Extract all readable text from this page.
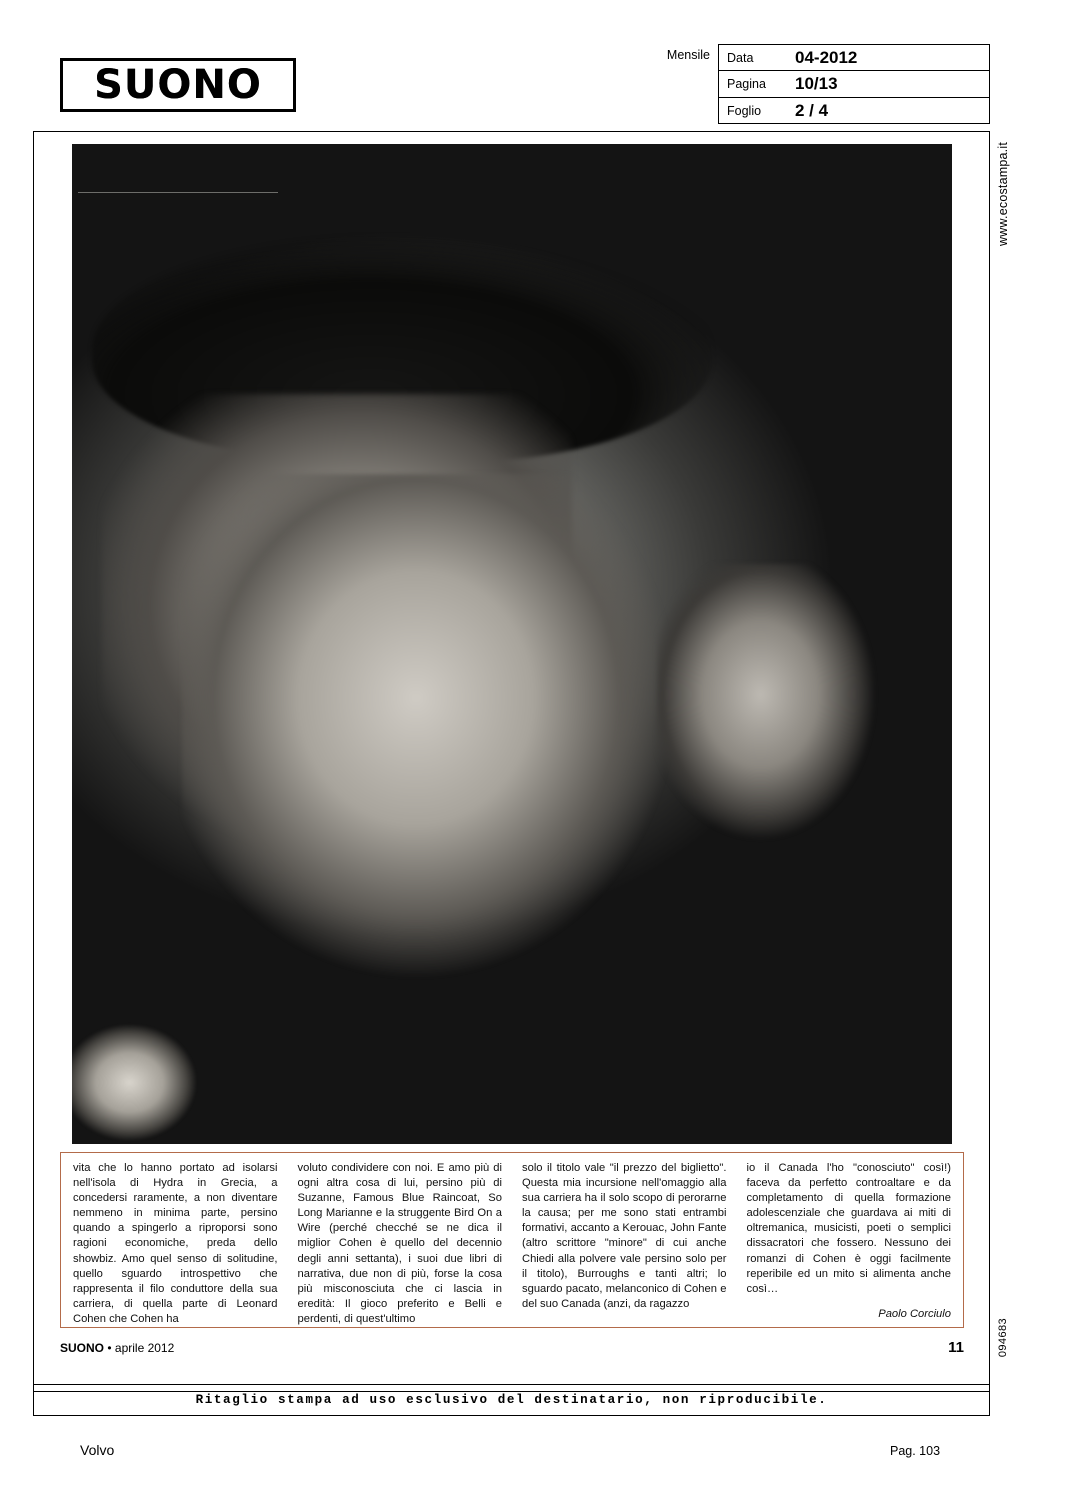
SUONO
Mensile	Data	04-2012
Pagina	10/13
Foglio	2 / 4

vita che lo hanno portato ad isolarsi nell'isola di Hydra in Grecia, a concedersi raramente, a non diventare nemmeno in minima parte, persino quando a spingerlo a riproporsi sono ragioni economiche, preda dello showbiz. Amo quel senso di solitudine, quello sguardo introspettivo che rappresenta il filo conduttore della sua carriera, di quella parte di Leonard Cohen che Cohen ha

voluto condividere con noi. E amo più di ogni altra cosa di lui, persino più di Suzanne, Famous Blue Raincoat, So Long Marianne e la struggente Bird On a Wire (perché checché se ne dica il miglior Cohen è quello del decennio degli anni settanta), i suoi due libri di narrativa, due non di più, forse la cosa più misconosciuta che ci lascia in eredità: Il gioco preferito e Belli e perdenti, di quest'ultimo

solo il titolo vale "il prezzo del biglietto". Questa mia incursione nell'omaggio alla sua carriera ha il solo scopo di perorarne la causa; per me sono stati entrambi formativi, accanto a Kerouac, John Fante (altro scrittore "minore" di cui anche Chiedi alla polvere vale persino solo per il titolo), Burroughs e tanti altri; lo sguardo pacato, melanconico di Cohen e del suo Canada (anzi, da ragazzo

io il Canada l'ho "conosciuto" così!) faceva da perfetto controaltare e da completamento di quella formazione adolescenziale che guardava ai miti di oltremanica, musicisti, poeti o semplici dissacratori che fossero. Nessuno dei romanzi di Cohen è oggi facilmente reperibile ed un mito si alimenta anche così…

Paolo Corciulo
SUONO • aprile 2012	11
Ritaglio stampa ad uso esclusivo del destinatario, non riproducibile.
www.ecostampa.it
094683
Volvo	Pag. 103
